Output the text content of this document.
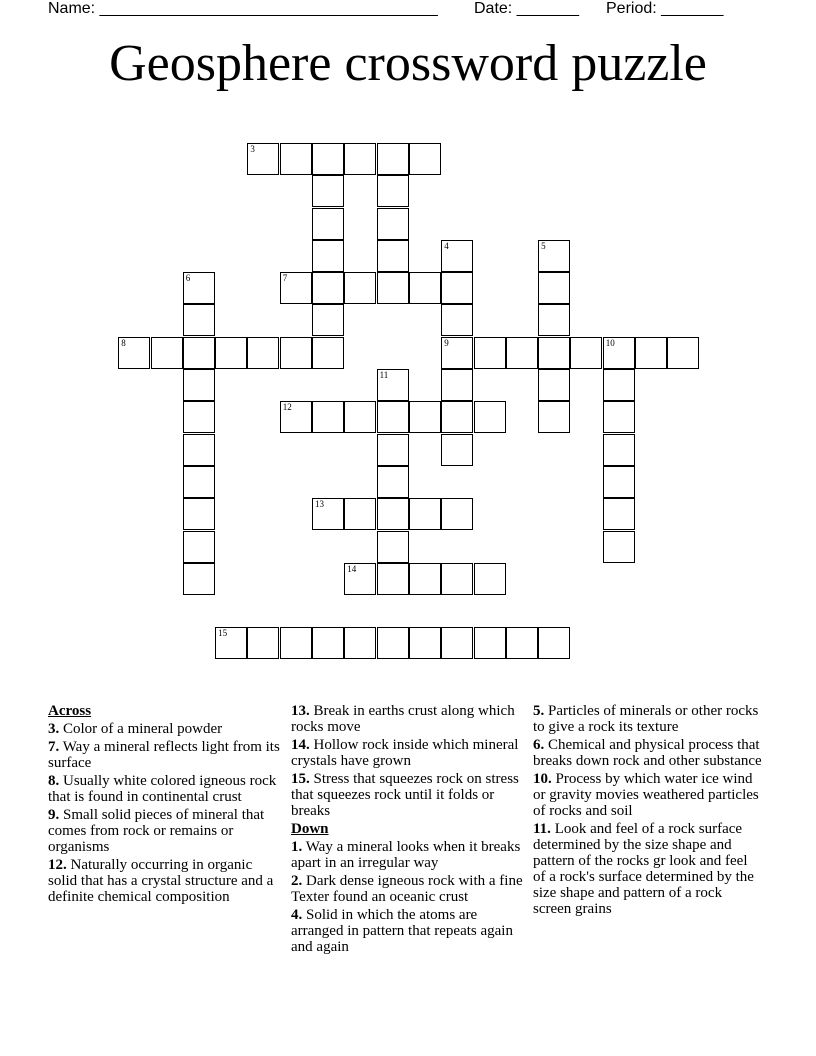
Name: ______________________________________ Date: _______ Period: _______
Geosphere crossword puzzle
3
4	5
6	7
8	9	10
11
12
13
14
15
Across
3. Color of a mineral powder
7. Way a mineral reflects light from its surface
8. Usually white colored igneous rock that is found in continental crust
9. Small solid pieces of mineral that comes from rock or remains or organisms
12. Naturally occurring in organic solid that has a crystal structure and a definite chemical composition
13. Break in earths crust along which rocks move
14. Hollow rock inside which mineral crystals have grown
15. Stress that squeezes rock on stress that squeezes rock until it folds or breaks
Down
1. Way a mineral looks when it breaks apart in an irregular way
2. Dark dense igneous rock with a fine Texter found an oceanic crust
4. Solid in which the atoms are arranged in pattern that repeats again and again
5. Particles of minerals or other rocks to give a rock its texture
6. Chemical and physical process that breaks down rock and other substance
10. Process by which water ice wind or gravity movies weathered particles of rocks and soil
11. Look and feel of a rock surface determined by the size shape and pattern of the rocks gr look and feel of a rock's surface determined by the size shape and pattern of a rock screen grains
